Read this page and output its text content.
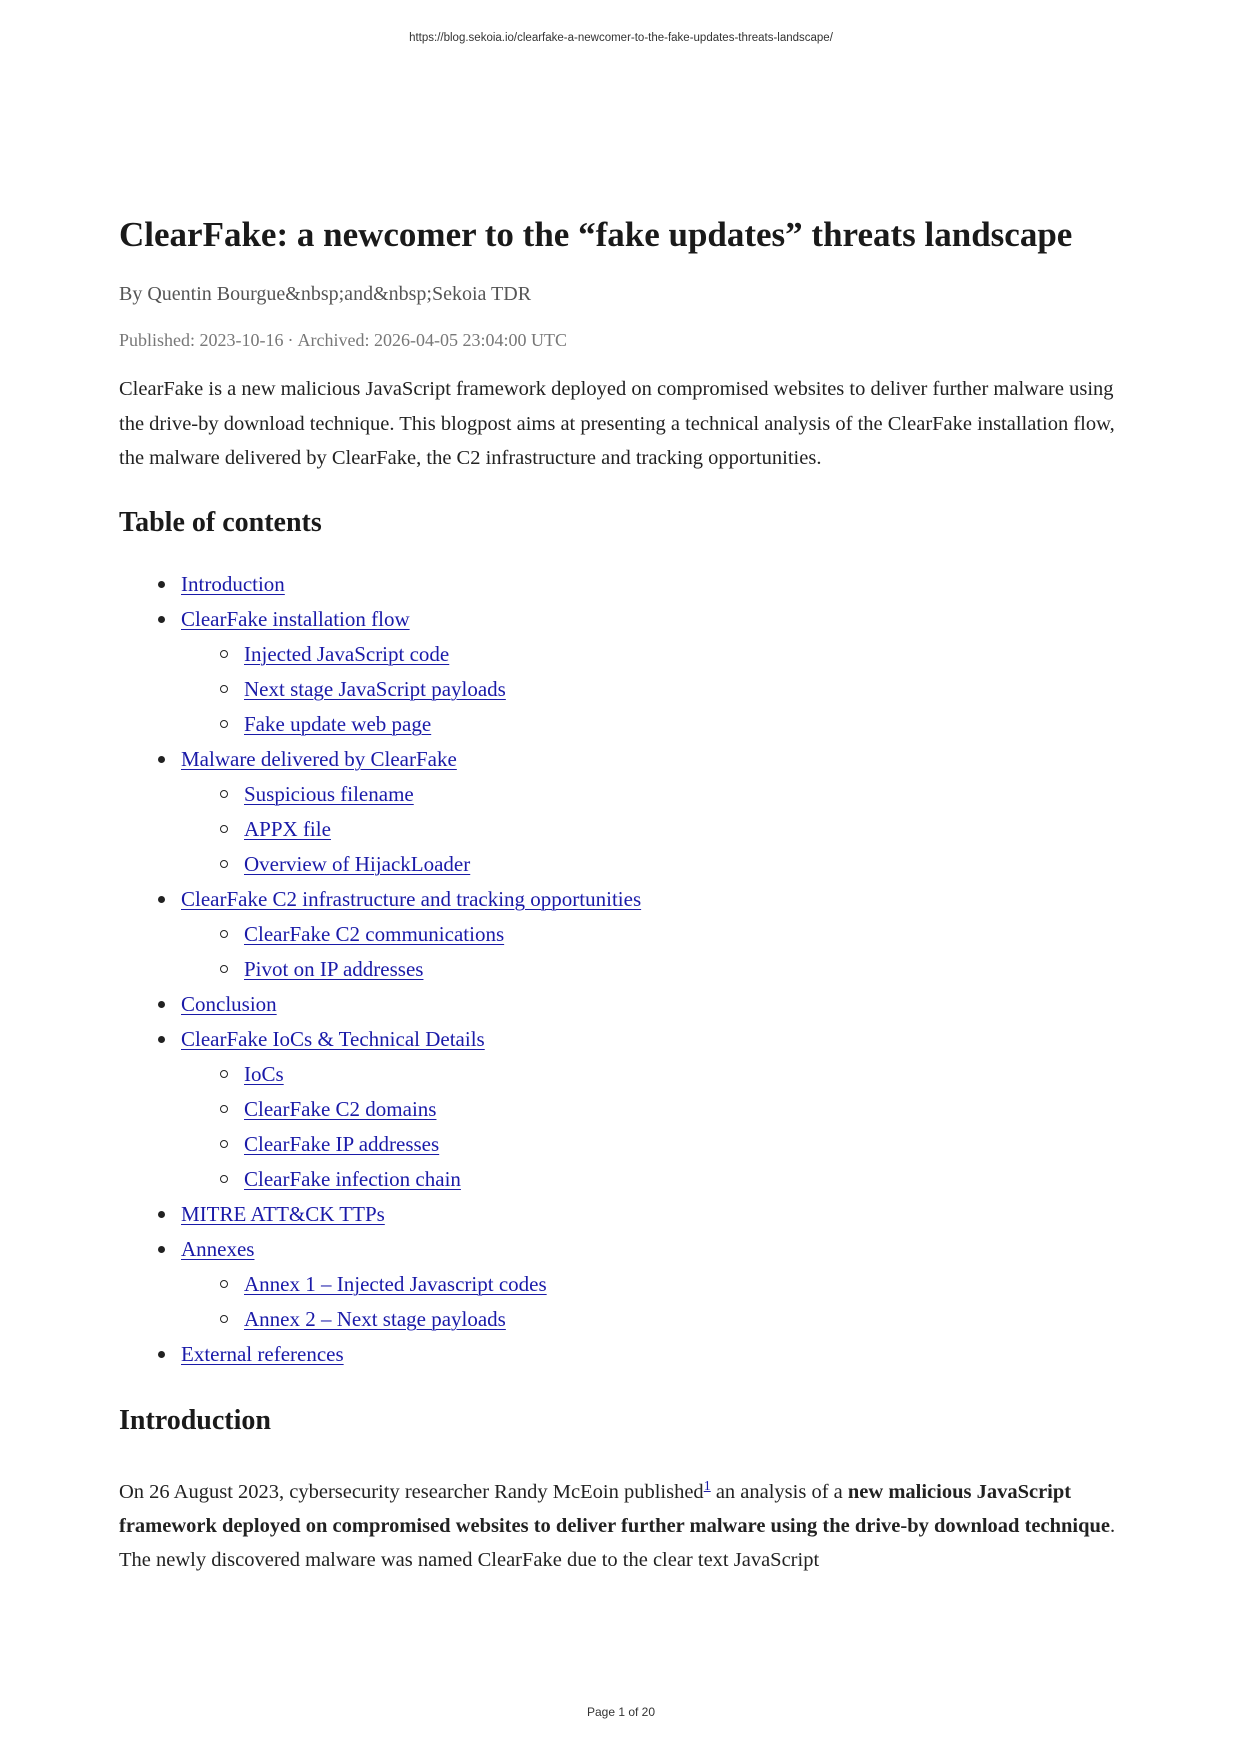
https://blog.sekoia.io/clearfake-a-newcomer-to-the-fake-updates-threats-landscape/
ClearFake: a newcomer to the “fake updates” threats landscape
By Quentin Bourgue&nbsp;and&nbsp;Sekoia TDR
Published: 2023-10-16 · Archived: 2026-04-05 23:04:00 UTC

ClearFake is a new malicious JavaScript framework deployed on compromised websites to deliver further malware using the drive-by download technique. This blogpost aims at presenting a technical analysis of the ClearFake installation flow, the malware delivered by ClearFake, the C2 infrastructure and tracking opportunities.

Table of contents
Introduction
ClearFake installation flow
Injected JavaScript code
Next stage JavaScript payloads
Fake update web page
Malware delivered by ClearFake
Suspicious filename
APPX file
Overview of HijackLoader
ClearFake C2 infrastructure and tracking opportunities
ClearFake C2 communications
Pivot on IP addresses
Conclusion
ClearFake IoCs & Technical Details
IoCs
ClearFake C2 domains
ClearFake IP addresses
ClearFake infection chain
MITRE ATT&CK TTPs
Annexes
Annex 1 – Injected Javascript codes
Annex 2 – Next stage payloads
External references
Introduction

On 26 August 2023, cybersecurity researcher Randy McEoin published$^1$ an analysis of a new malicious JavaScript framework deployed on compromised websites to deliver further malware using the drive-by download technique. The newly discovered malware was named ClearFake due to the clear text JavaScript

Page 1 of 20
